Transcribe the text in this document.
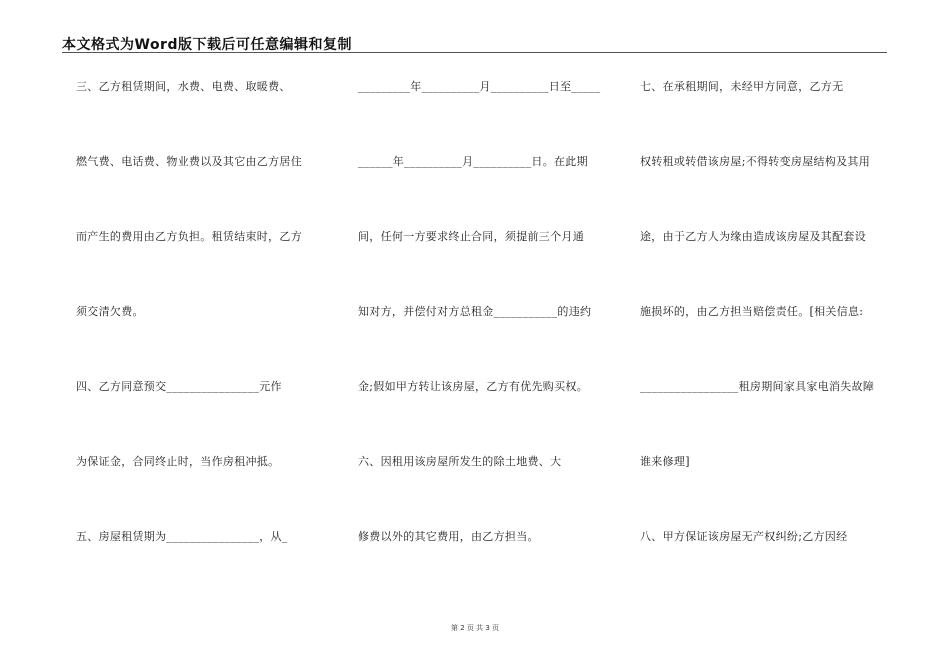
本文格式为Word版下载后可任意编辑和复制
三、乙方租赁期间，水费、电费、取暖费、
燃气费、电话费、物业费以及其它由乙方居住
而产生的费用由乙方负担。租赁结束时，乙方
须交清欠费。
四、乙方同意预交________________元作
为保证金，合同终止时，当作房租冲抵。
五、房屋租赁期为________________，从_
_________年__________月__________日至_____
______年__________月__________日。在此期
间，任何一方要求终止合同，须提前三个月通
知对方，并偿付对方总租金___________的违约
金;假如甲方转让该房屋，乙方有优先购买权。
六、因租用该房屋所发生的除土地费、大
修费以外的其它费用，由乙方担当。
七、在承租期间，未经甲方同意，乙方无
权转租或转借该房屋;不得转变房屋结构及其用
途，由于乙方人为缘由造成该房屋及其配套设
施损坏的，由乙方担当赔偿责任。[相关信息:
_________________租房期间家具家电消失故障
谁来修理]
八、甲方保证该房屋无产权纠纷;乙方因经
第 2 页 共 3 页
